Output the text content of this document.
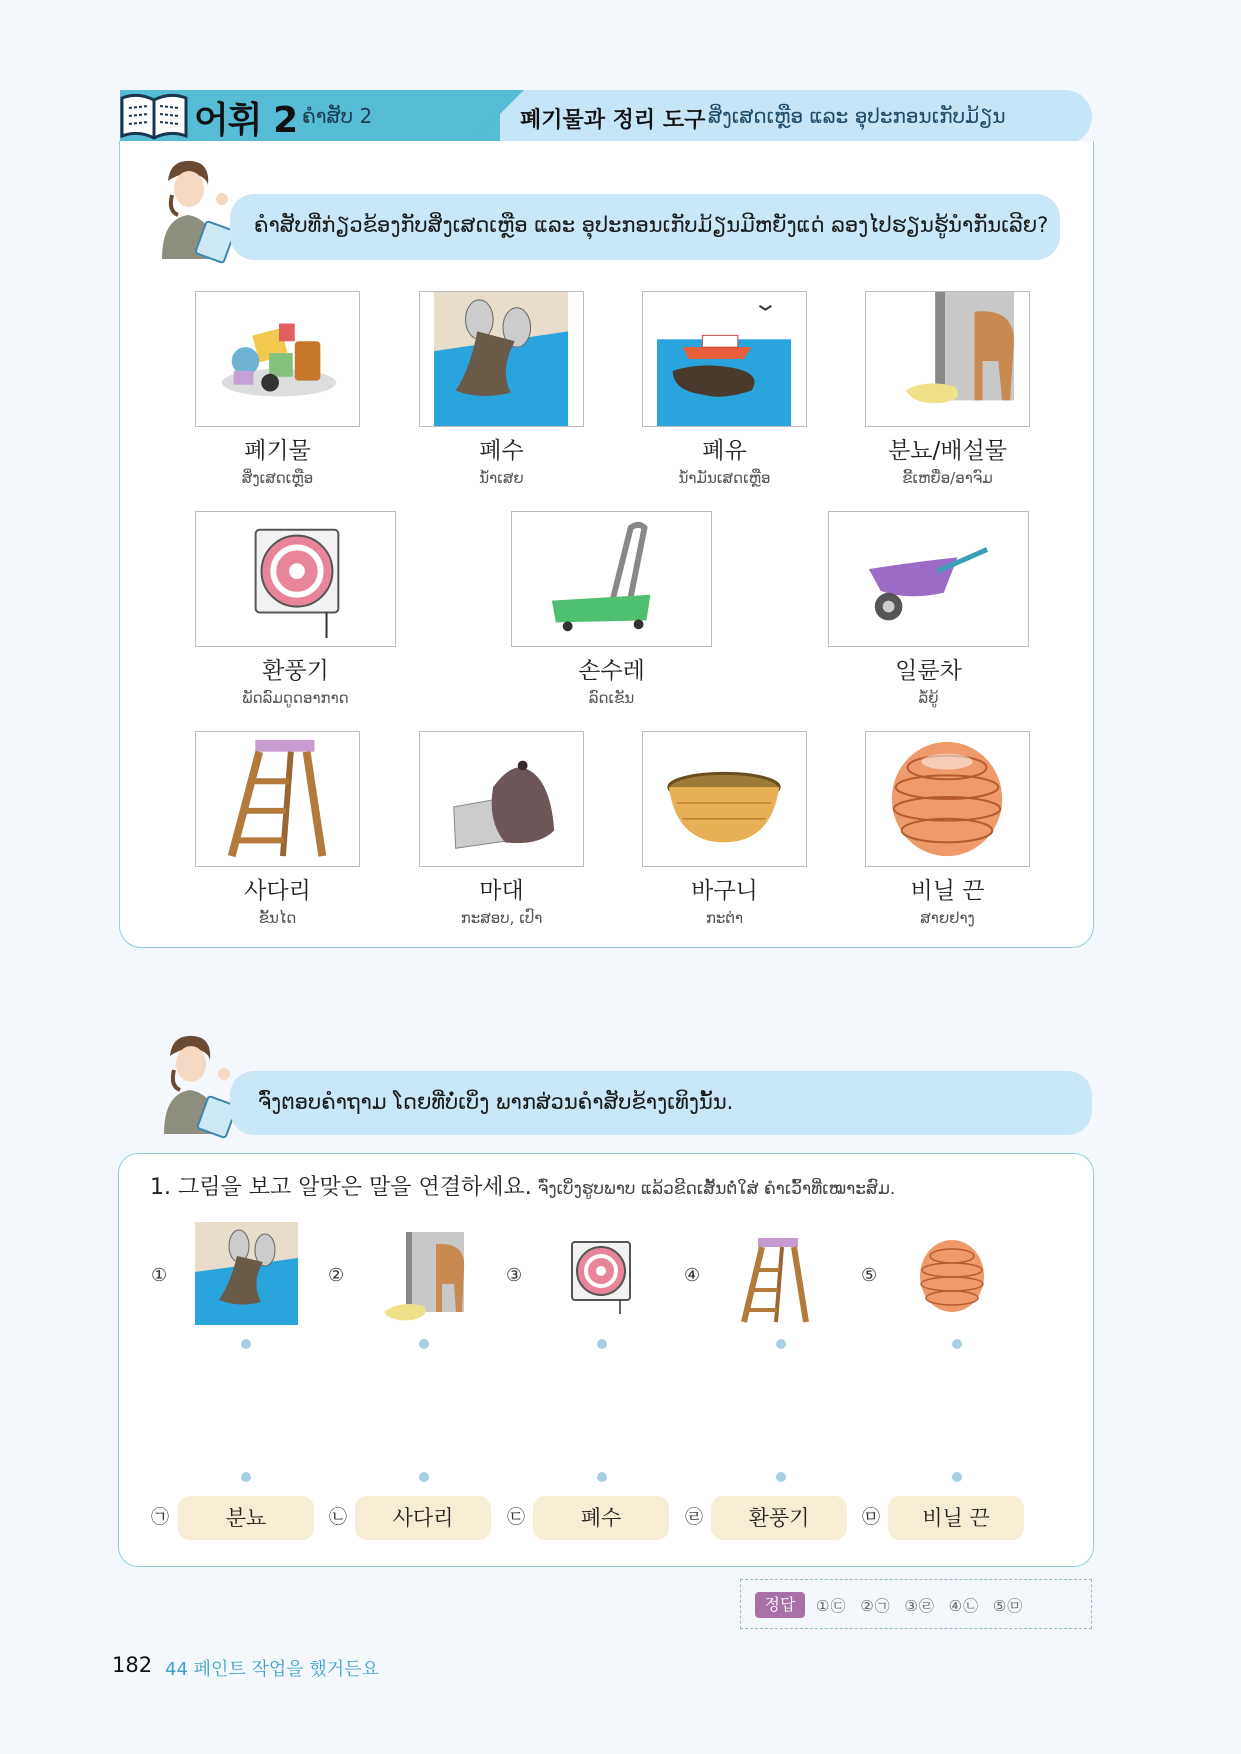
어휘 2 ຄຳສັບ 2	폐기물과 정리 도구 ສິ່ງເສດເຫຼືອ ແລະ ອຸປະກອນເກັບມ້ຽນ
ຄຳສັບທີ່ກ່ຽວຂ້ອງກັບສິ່ງເສດເຫຼືອ ແລະ ອຸປະກອນເກັບມ້ຽນມີຫຍັງແດ່ ລອງໄປຮຽນຮູ້ນຳກັນເລີຍ?
폐기물
ສິ່ງເສດເຫຼືອ
폐수
ນ້ຳເສຍ
폐유
ນ້ຳມັນເສດເຫຼືອ
분뇨/배설물
ຂີ້ເຫຍື່ອ/ອາຈົມ
환풍기
ພັດລົມດູດອາກາດ
손수레
ລົດເຂັນ
일륜차
ລໍ້ຍູ້
사다리
ຂັ້ນໄດ
마대
ກະສອບ, ເປົາ
바구니
ກະຕ່າ
비닐 끈
ສາຍຢາງ
ຈົ່ງຕອບຄຳຖາມ ໂດຍທີ່ບໍ່ເບິ່ງ ພາກສ່ວນຄຳສັບຂ້າງເທິງນັ້ນ.
1. 그림을 보고 알맞은 말을 연결하세요. ຈົ່ງເບິ່ງຮູບພາບ ແລ້ວຂີດເສັ້ນຕໍ່ໃສ່ ຄຳເວົ້າທີ່ເໝາະສົມ.
①	②	③	④	⑤
㉠	㉡	㉢	㉣	㉤
분뇨	사다리	폐수	환풍기	비닐 끈
정답	①㉢ ②㉠ ③㉣ ④㉡ ⑤㉤
182 44 페인트 작업을 했거든요
